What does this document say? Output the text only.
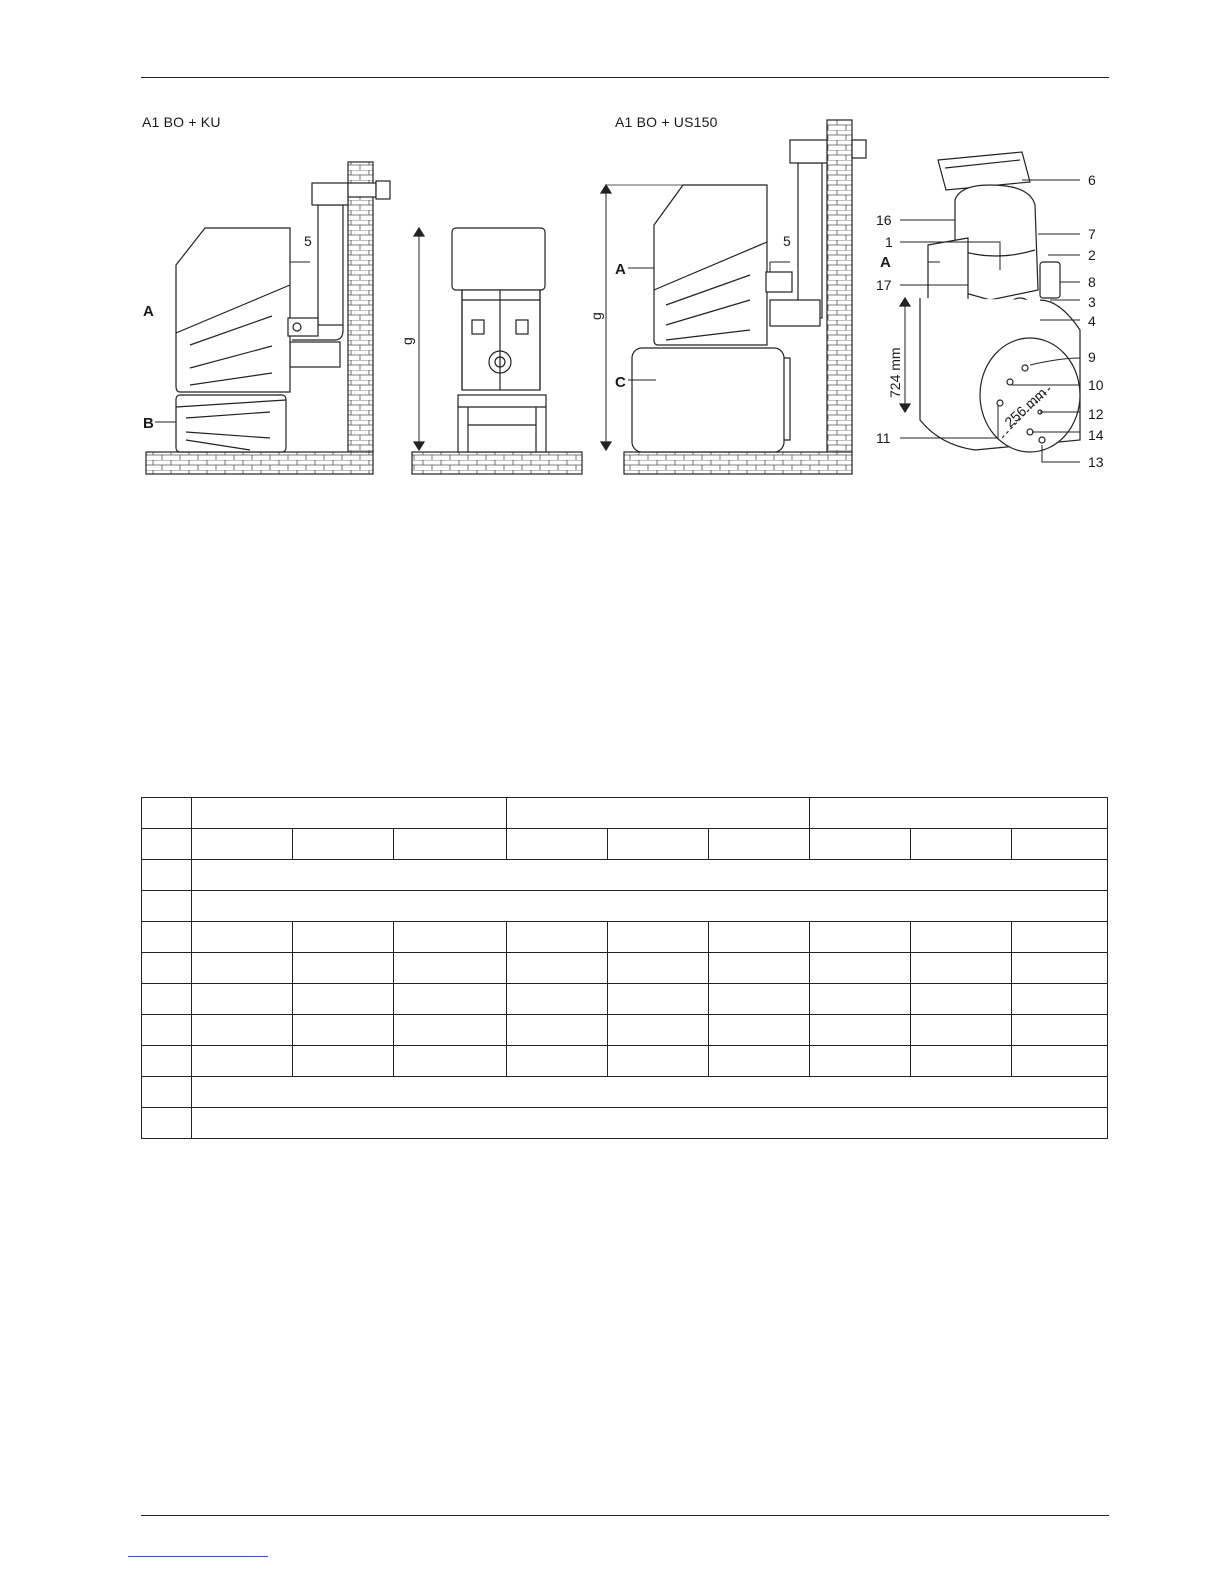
A1 BO + KU	A1 BO + US150
A
B
5
g
A
C
g
5
6
16
7
1
A	2
8
17
3
4
724 mm	9
10
256 mm	12
11	14
13
